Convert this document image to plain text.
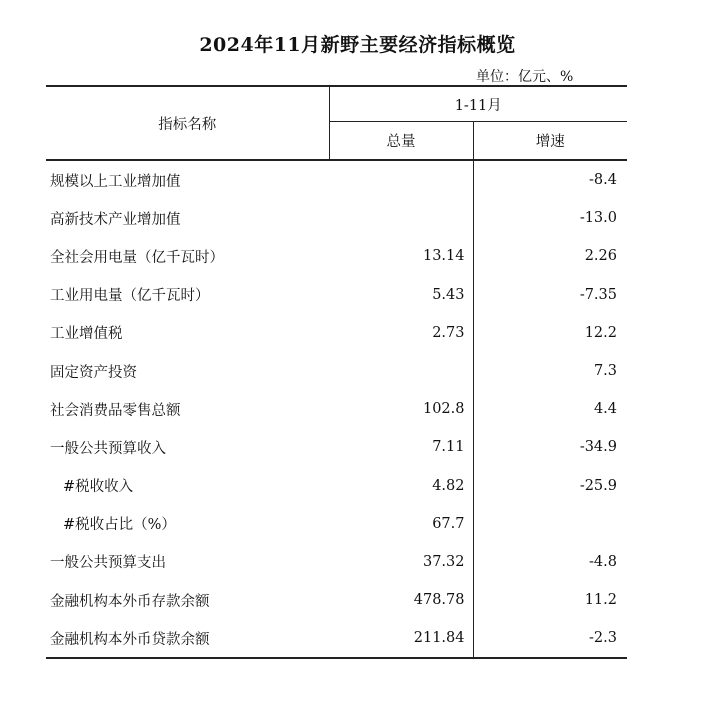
2024年11月新野主要经济指标概览
单位：亿元、%
指标名称	1-11月	
	总量	增速
规模以上工业增加值		-8.4
高新技术产业增加值		-13.0
全社会用电量（亿千瓦时）	13.14	2.26
工业用电量（亿千瓦时）	5.43	-7.35
工业增值税	2.73	12.2
固定资产投资		7.3
社会消费品零售总额	102.8	4.4
一般公共预算收入	7.11	-34.9
#税收收入	4.82	-25.9
#税收占比（%）	67.7	
一般公共预算支出	37.32	-4.8
金融机构本外币存款余额	478.78	11.2
金融机构本外币贷款余额	211.84	-2.3
